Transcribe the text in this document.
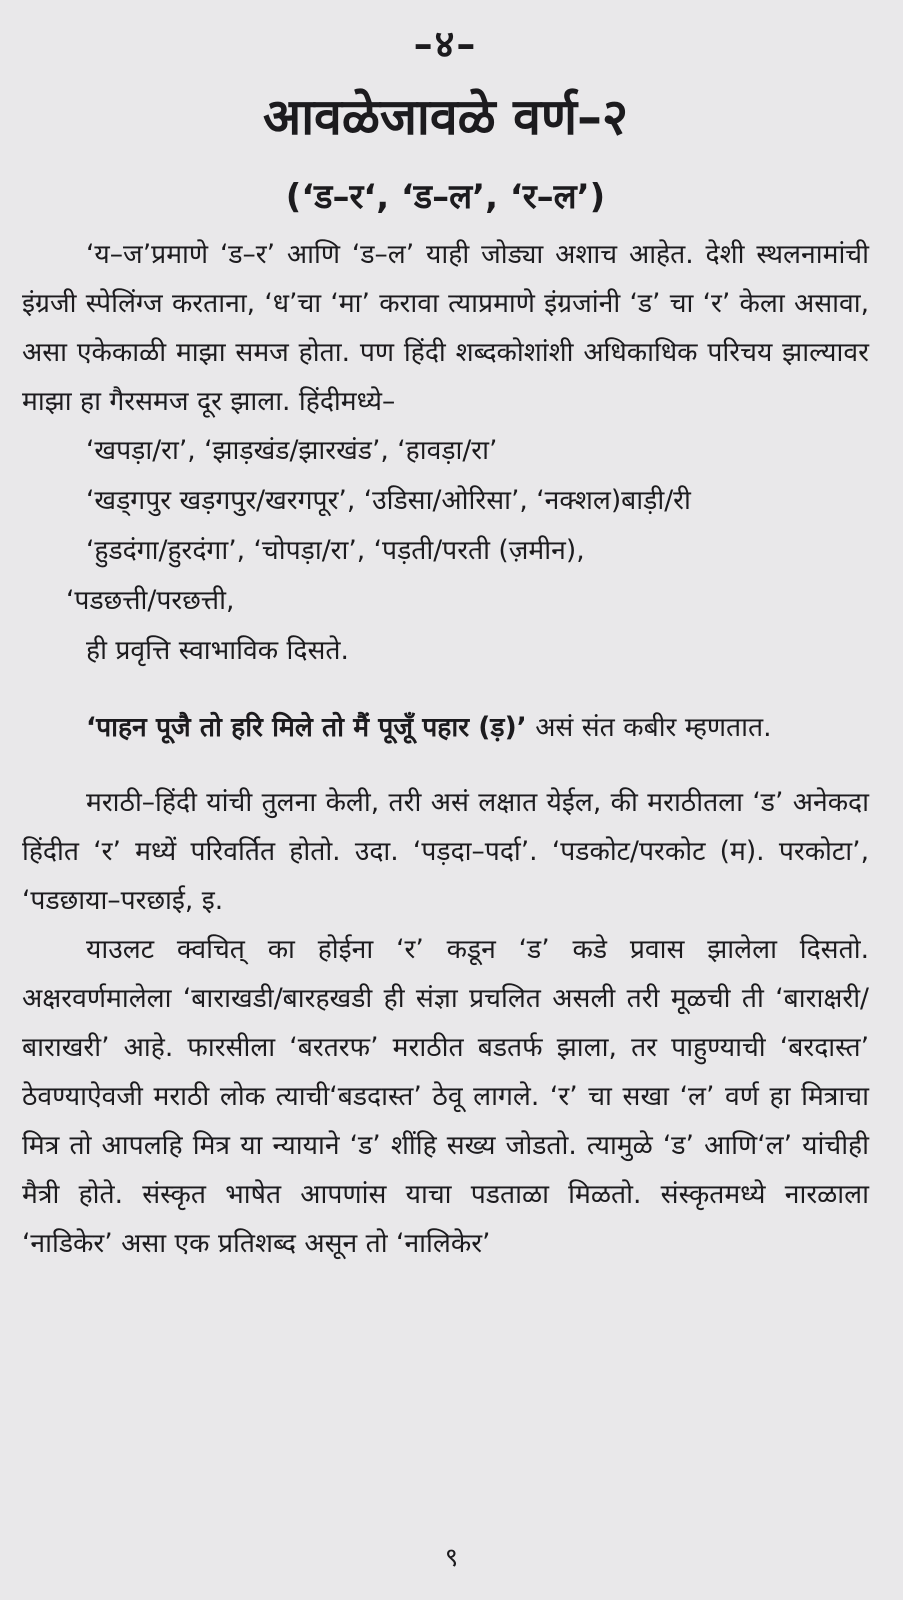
–४–
आवळेजावळे वर्ण–२
(‘ड–र‘, ‘ड–ल’, ‘र–ल’)

‘य–ज’प्रमाणे ‘ड–र’ आणि ‘ड–ल’ याही जोड्या अशाच आहेत. देशी स्थलनामांची इंग्रजी स्पेलिंग्ज करताना, ‘ध’चा ‘मा’ करावा त्याप्रमाणे इंग्रजांनी ‘ड’ चा ‘र’ केला असावा, असा एकेकाळी माझा समज होता. पण हिंदी शब्दकोशांशी अधिकाधिक परिचय झाल्यावर माझा हा गैरसमज दूर झाला. हिंदीमध्ये–

‘खपड़ा/रा’, ‘झाड़खंड/झारखंड’, ‘हावड़ा/रा’
‘खड्गपुर खड़गपुर/खरगपूर’, ‘उडिसा/ओरिसा’, ‘नक्शल)बाड़ी/री
‘हुडदंगा/हुरदंगा’, ‘चोपड़ा/रा’, ‘पड़ती/परती (ज़मीन),
‘पडछत्ती/परछत्ती,
ही प्रवृत्ति स्वाभाविक दिसते.

‘पाहन पूजै तो हरि मिले तो मैं पूजूँ पहार (ड़)’ असं संत कबीर म्हणतात.

मराठी–हिंदी यांची तुलना केली, तरी असं लक्षात येईल, की मराठीतला ‘ड’ अनेकदा हिंदीत ‘र’ मध्यें परिवर्तित होतो. उदा. ‘पड़दा–पर्दा’. ‘पडकोट/परकोट (म). परकोटा’, ‘पडछाया–परछाई, इ.

याउलट क्वचित् का होईना ‘र’ कडून ‘ड’ कडे प्रवास झालेला दिसतो. अक्षरवर्णमालेला ‘बाराखडी/बारहखडी ही संज्ञा प्रचलित असली तरी मूळची ती ‘बाराक्षरी/बाराखरी’ आहे. फारसीला ‘बरतरफ’ मराठीत बडतर्फ झाला, तर पाहुण्याची ‘बरदास्त’ ठेवण्याऐवजी मराठी लोक त्याची‘बडदास्त’ ठेवू लागले. ‘र’ चा सखा ‘ल’ वर्ण हा मित्राचा मित्र तो आपलहि मित्र या न्यायाने ‘ड’ शींहि सख्य जोडतो. त्यामुळे ‘ड’ आणि‘ल’ यांचीही मैत्री होते. संस्कृत भाषेत आपणांस याचा पडताळा मिळतो. संस्कृतमध्ये नारळाला ‘नाडिकेर’ असा एक प्रतिशब्द असून तो ‘नालिकेर’

९
